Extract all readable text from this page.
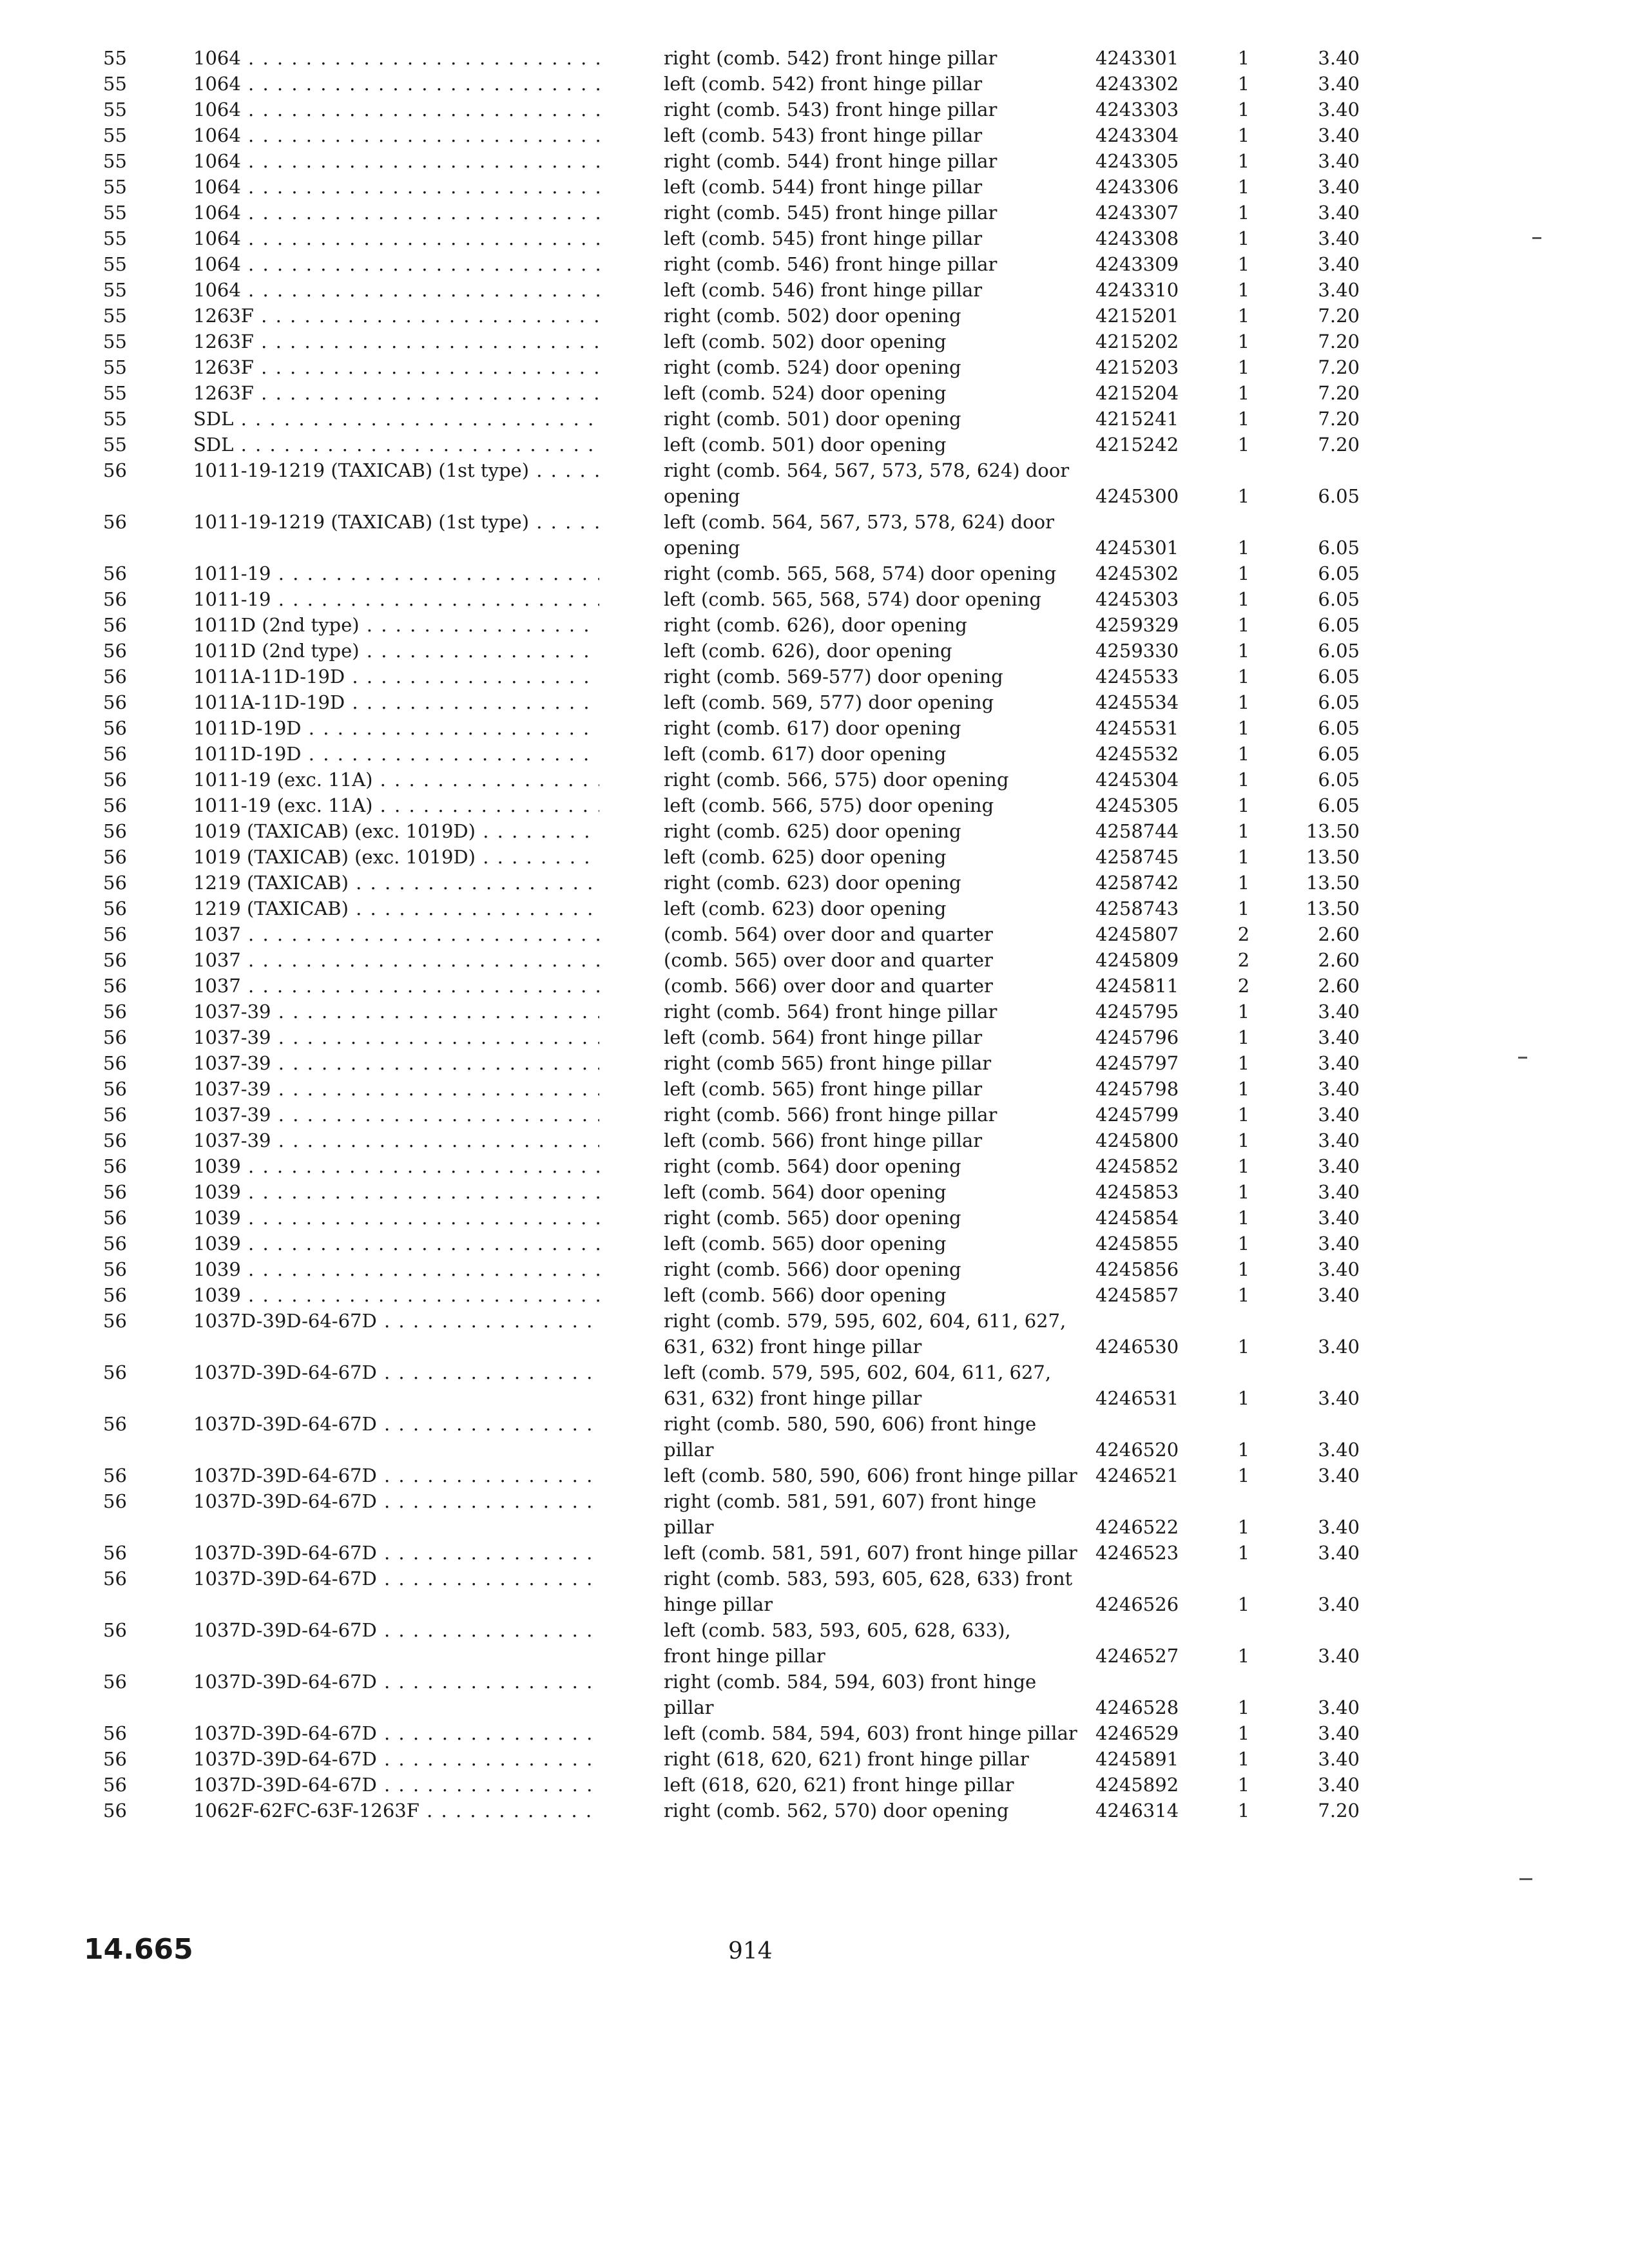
55	1064 . . .	right (comb. 542) front hinge pillar	4243301	1	3.40
55	1064 . . .	left (comb. 542) front hinge pillar	4243302	1	3.40
55	1064 . . .	right (comb. 543) front hinge pillar	4243303	1	3.40
55	1064 . . .	left (comb. 543) front hinge pillar	4243304	1	3.40
55	1064 . . .	right (comb. 544) front hinge pillar	4243305	1	3.40
55	1064 . . .	left (comb. 544) front hinge pillar	4243306	1	3.40
55	1064 . . .	right (comb. 545) front hinge pillar	4243307	1	3.40
55	1064 . . .	left (comb. 545) front hinge pillar	4243308	1	3.40
55	1064 . . .	right (comb. 546) front hinge pillar	4243309	1	3.40
55	1064 . . .	left (comb. 546) front hinge pillar	4243310	1	3.40
55	1263F . . .	right (comb. 502) door opening	4215201	1	7.20
55	1263F . . .	left (comb. 502) door opening	4215202	1	7.20
55	1263F . . .	right (comb. 524) door opening	4215203	1	7.20
55	1263F . . .	left (comb. 524) door opening	4215204	1	7.20
55	SDL . . .	right (comb. 501) door opening	4215241	1	7.20
55	SDL . . .	left (comb. 501) door opening	4215242	1	7.20
56	1011-19-1219 (TAXICAB) (1st type) . . .	right (comb. 564, 567, 573, 578, 624) door
opening	4245300	1	6.05
56	1011-19-1219 (TAXICAB) (1st type) . . .	left (comb. 564, 567, 573, 578, 624) door
opening	4245301	1	6.05
56	1011-19 . . .	right (comb. 565, 568, 574) door opening	4245302	1	6.05
56	1011-19 . . .	left (comb. 565, 568, 574) door opening	4245303	1	6.05
56	1011D (2nd type) . . .	right (comb. 626), door opening	4259329	1	6.05
56	1011D (2nd type) . . .	left (comb. 626), door opening	4259330	1	6.05
56	1011A-11D-19D . . .	right (comb. 569-577) door opening	4245533	1	6.05
56	1011A-11D-19D . . .	left (comb. 569, 577) door opening	4245534	1	6.05
56	1011D-19D . . .	right (comb. 617) door opening	4245531	1	6.05
56	1011D-19D . . .	left (comb. 617) door opening	4245532	1	6.05
56	1011-19 (exc. 11A) . . .	right (comb. 566, 575) door opening	4245304	1	6.05
56	1011-19 (exc. 11A) . . .	left (comb. 566, 575) door opening	4245305	1	6.05
56	1019 (TAXICAB) (exc. 1019D) . . .	right (comb. 625) door opening	4258744	1	13.50
56	1019 (TAXICAB) (exc. 1019D) . . .	left (comb. 625) door opening	4258745	1	13.50
56	1219 (TAXICAB) . . .	right (comb. 623) door opening	4258742	1	13.50
56	1219 (TAXICAB) . . .	left (comb. 623) door opening	4258743	1	13.50
56	1037 . . .	(comb. 564) over door and quarter	4245807	2	2.60
56	1037 . . .	(comb. 565) over door and quarter	4245809	2	2.60
56	1037 . . .	(comb. 566) over door and quarter	4245811	2	2.60
56	1037-39 . . .	right (comb. 564) front hinge pillar	4245795	1	3.40
56	1037-39 . . .	left (comb. 564) front hinge pillar	4245796	1	3.40
56	1037-39 . . .	right (comb 565) front hinge pillar	4245797	1	3.40
56	1037-39 . . .	left (comb. 565) front hinge pillar	4245798	1	3.40
56	1037-39 . . .	right (comb. 566) front hinge pillar	4245799	1	3.40
56	1037-39 . . .	left (comb. 566) front hinge pillar	4245800	1	3.40
56	1039 . . .	right (comb. 564) door opening	4245852	1	3.40
56	1039 . . .	left (comb. 564) door opening	4245853	1	3.40
56	1039 . . .	right (comb. 565) door opening	4245854	1	3.40
56	1039 . . .	left (comb. 565) door opening	4245855	1	3.40
56	1039 . . .	right (comb. 566) door opening	4245856	1	3.40
56	1039 . . .	left (comb. 566) door opening	4245857	1	3.40
56	1037D-39D-64-67D . . .	right (comb. 579, 595, 602, 604, 611, 627,
631, 632) front hinge pillar	4246530	1	3.40
56	1037D-39D-64-67D . . .	left (comb. 579, 595, 602, 604, 611, 627,
631, 632) front hinge pillar	4246531	1	3.40
56	1037D-39D-64-67D . . .	right (comb. 580, 590, 606) front hinge
pillar	4246520	1	3.40
56	1037D-39D-64-67D . . .	left (comb. 580, 590, 606) front hinge pillar 4246521	1	3.40
56	1037D-39D-64-67D . . .	right (comb. 581, 591, 607) front hinge pillar	4246522	1	3.40
56	1037D-39D-64-67D . . .	left (comb. 581, 591, 607) front hinge pillar 4246523	1	3.40
56	1037D-39D-64-67D . . .	right (comb. 583, 593, 605, 628, 633) front
hinge pillar	4246526	1	3.40
56	1037D-39D-64-67D . . .	left (comb. 583, 593, 605, 628, 633),
front hinge pillar	4246527	1	3.40
56	1037D-39D-64-67D . . .	right (comb. 584, 594, 603) front hinge
pillar	4246528	1	3.40
56	1037D-39D-64-67D . . .	left (comb. 584, 594, 603) front hinge pillar 4246529	1	3.40
56	1037D-39D-64-67D . . .	right (618, 620, 621) front hinge pillar	4245891	1	3.40
56	1037D-39D-64-67D . . .	left (618, 620, 621) front hinge pillar	4245892	1	3.40
56	1062F-62FC-63F-1263F . . .	right (comb. 562, 570) door opening	4246314	1	7.20
14.665	914
